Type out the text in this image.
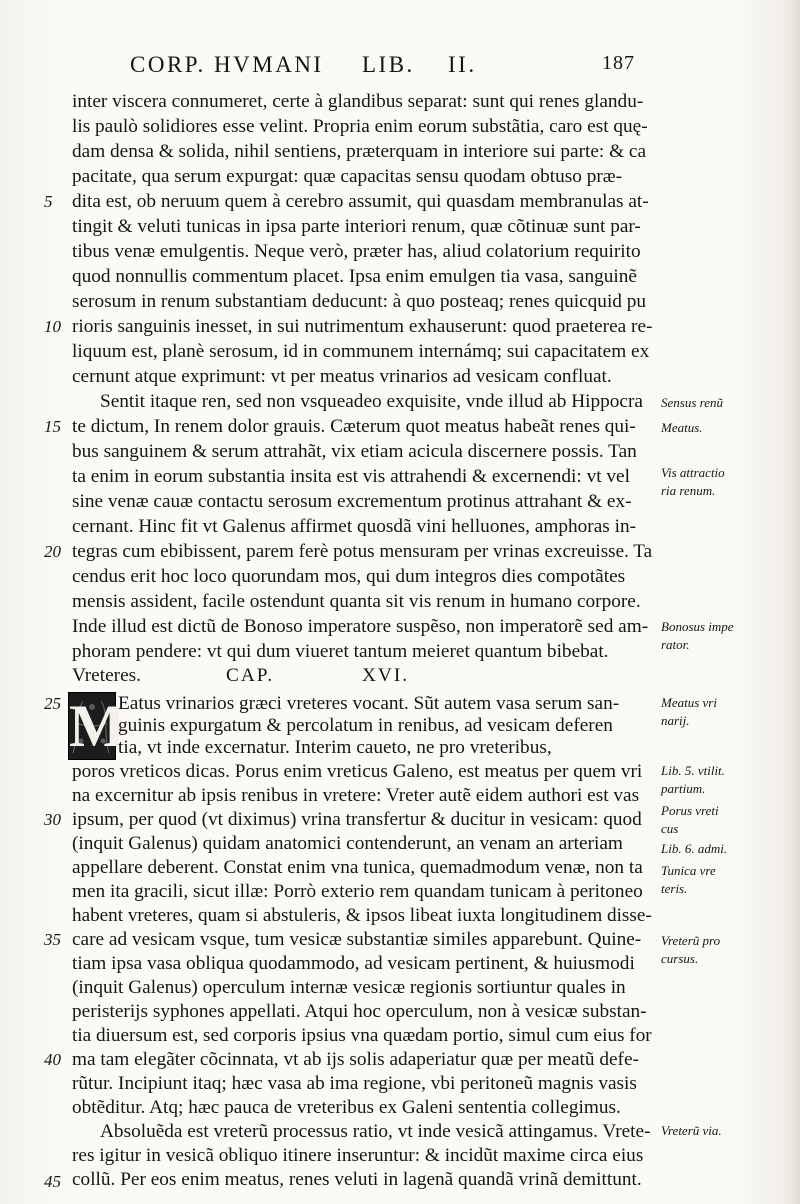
CORP. HVMANI LIB. II.	187
inter viscera connumeret, certe à glandibus separat: sunt qui renes glandu-
lis paulò solidiores esse velint. Propria enim eorum substãtia, caro est quę-
dam densa & solida, nihil sentiens, præterquam in interiore sui parte: & ca
pacitate, qua serum expurgat: quæ capacitas sensu quodam obtuso præ-
dita est, ob neruum quem à cerebro assumit, qui quasdam membranulas at-
tingit & veluti tunicas in ipsa parte interiori renum, quæ cõtinuæ sunt par-
tibus venæ emulgentis. Neque verò, præter has, aliud colatorium requirito
quod nonnullis commentum placet. Ipsa enim emulgen tia vasa, sanguinẽ
serosum in renum substantiam deducunt: à quo posteaq; renes quicquid pu
rioris sanguinis inesset, in sui nutrimentum exhauserunt: quod praeterea re-
liquum est, planè serosum, id in communem internámq; sui capacitatem ex
cernunt atque exprimunt: vt per meatus vrinarios ad vesicam confluat.
Sentit itaque ren, sed non vsqueadeo exquisite, vnde illud ab Hippocra
te dictum, In renem dolor grauis. Cæterum quot meatus habeãt renes qui-
bus sanguinem & serum attrahãt, vix etiam acicula discernere possis. Tan
ta enim in eorum substantia insita est vis attrahendi & excernendi: vt vel
sine venæ cauæ contactu serosum excrementum protinus attrahant & ex-
cernant. Hinc fit vt Galenus affirmet quosdã vini helluones, amphoras in-
tegras cum ebibissent, parem ferè potus mensuram per vrinas excreuisse. Ta
cendus erit hoc loco quorundam mos, qui dum integros dies compotãtes
mensis assident, facile ostendunt quanta sit vis renum in humano corpore.
Inde illud est dictũ de Bonoso imperatore suspẽso, non imperatorẽ sed am-
phoram pendere: vt qui dum viueret tantum meieret quantum bibebat.
Vreteres.	CAP.	XVI.
M
Eatus vrinarios græci vreteres vocant. Sũt autem vasa serum san-
guinis expurgatum & percolatum in renibus, ad vesicam deferen
tia, vt inde excernatur. Interim caueto, ne pro vreteribus,
poros vreticos dicas. Porus enim vreticus Galeno, est meatus per quem vri
na excernitur ab ipsis renibus in vretere: Vreter autẽ eidem authori est vas
ipsum, per quod (vt diximus) vrina transfertur & ducitur in vesicam: quod
(inquit Galenus) quidam anatomici contenderunt, an venam an arteriam
appellare deberent. Constat enim vna tunica, quemadmodum venæ, non ta
men ita gracili, sicut illæ: Porrò exterio rem quandam tunicam à peritoneo
habent vreteres, quam si abstuleris, & ipsos libeat iuxta longitudinem disse-
care ad vesicam vsque, tum vesicæ substantiæ similes apparebunt. Quine-
tiam ipsa vasa obliqua quodammodo, ad vesicam pertinent, & huiusmodi
(inquit Galenus) operculum internæ vesicæ regionis sortiuntur quales in
peristerijs syphones appellati. Atqui hoc operculum, non à vesicæ substan-
tia diuersum est, sed corporis ipsius vna quædam portio, simul cum eius for
ma tam elegãter cõcinnata, vt ab ijs solis adaperiatur quæ per meatũ defe-
rũtur. Incipiunt itaq; hæc vasa ab ima regione, vbi peritoneũ magnis vasis
obtẽditur. Atq; hæc pauca de vreteribus ex Galeni sententia collegimus.
Absoluẽda est vreterũ processus ratio, vt inde vesicã attingamus. Vrete-
res igitur in vesicã obliquo itinere inseruntur: & incidũt maxime circa eius
collũ. Per eos enim meatus, renes veluti in lagenã quandã vrinã demittunt.
5
10
15
20
25
30
35
40
45
Sensus renũ
Meatus.
Vis attractio ria renum.
Bonosus impe rator.
Meatus vri narij.
Lib. 5. vtilit. partium.
Porus vreti cus
Lib. 6. admi.
Tunica vre teris.
Vreterũ pro cursus.
Vreterũ via.
